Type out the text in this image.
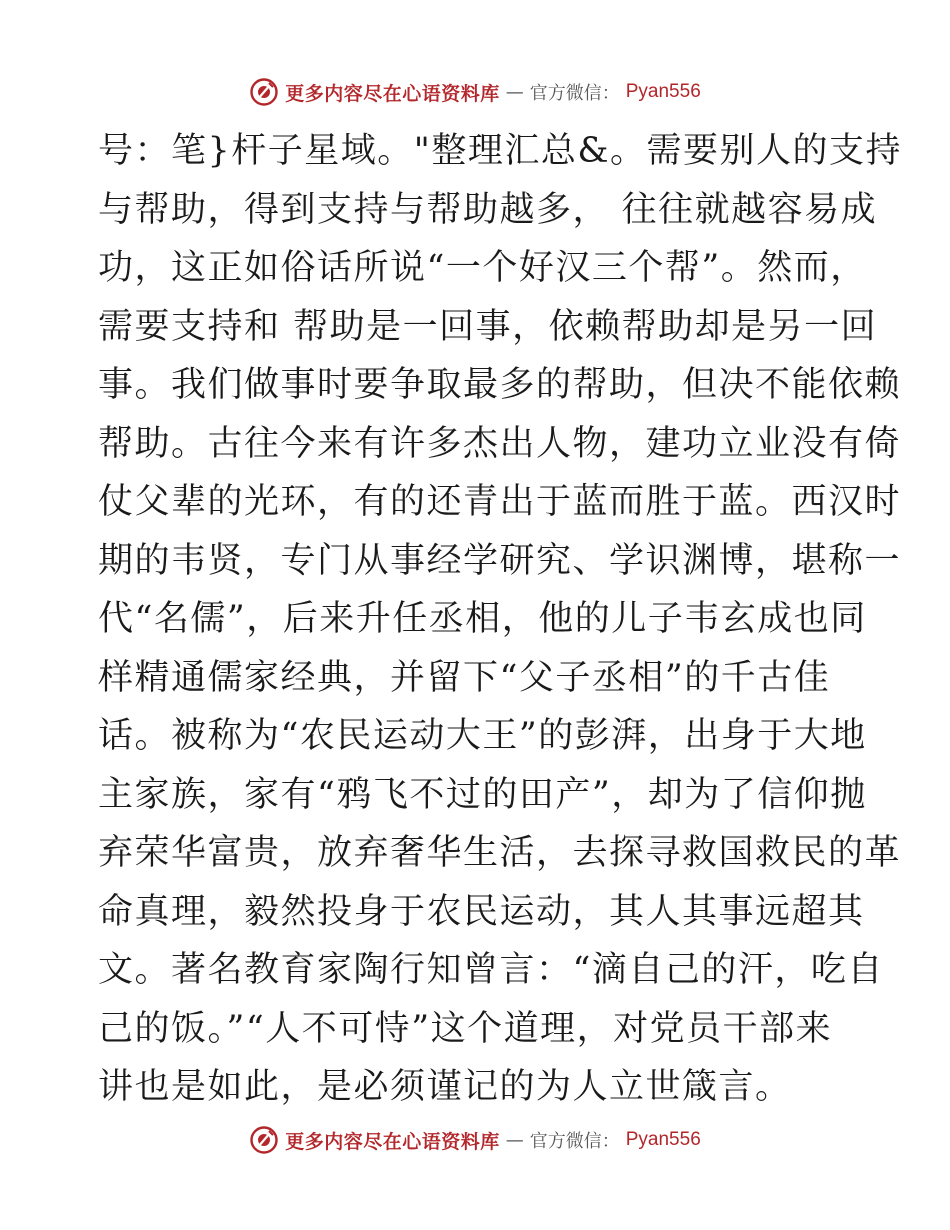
更多内容尽在心语资料库 — 官方微信： Pyan556
号：笔}杆子星域。"整理汇总&。需要别人的支持
与帮助，得到支持与帮助越多， 往往就越容易成
功，这正如俗话所说“一个好汉三个帮”。然而，
需要支持和 帮助是一回事，依赖帮助却是另一回
事。我们做事时要争取最多的帮助，但决不能依赖
帮助。古往今来有许多杰出人物，建功立业没有倚
仗父辈的光环，有的还青出于蓝而胜于蓝。西汉时
期的韦贤，专门从事经学研究、学识渊博，堪称一
代“名儒”，后来升任丞相，他的儿子韦玄成也同
样精通儒家经典，并留下“父子丞相”的千古佳
话。被称为“农民运动大王”的彭湃，出身于大地
主家族，家有“鸦飞不过的田产”，却为了信仰抛
弃荣华富贵，放弃奢华生活，去探寻救国救民的革
命真理，毅然投身于农民运动，其人其事远超其
文。著名教育家陶行知曾言：“滴自己的汗，吃自
己的饭。”“人不可恃”这个道理，对党员干部来
讲也是如此，是必须谨记的为人立世箴言。
更多内容尽在心语资料库 — 官方微信： Pyan556
